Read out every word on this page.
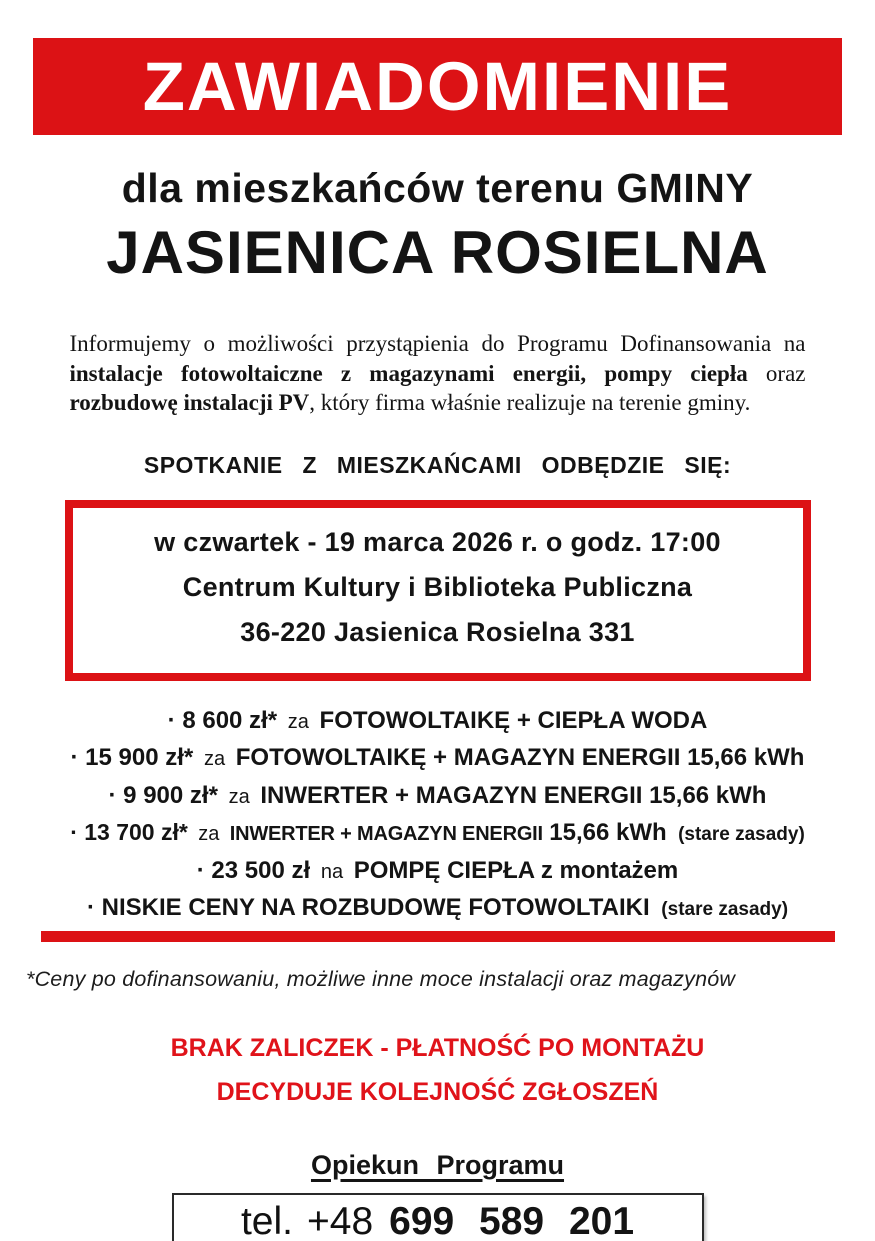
ZAWIADOMIENIE
dla mieszkańców terenu GMINY
JASIENICA ROSIELNA

Informujemy o możliwości przystąpienia do Programu Dofinansowania na instalacje fotowoltaiczne z magazynami energii, pompy ciepła oraz rozbudowę instalacji PV, który firma właśnie realizuje na terenie gminy.

SPOTKANIE Z MIESZKAŃCAMI ODBĘDZIE SIĘ:
w czwartek - 19 marca 2026 r. o godz. 17:00
Centrum Kultury i Biblioteka Publiczna
36-220 Jasienica Rosielna 331
· 8 600 zł* za FOTOWOLTAIKĘ + CIEPŁA WODA
· 15 900 zł* za FOTOWOLTAIKĘ + MAGAZYN ENERGII 15,66 kWh
· 9 900 zł* za INWERTER + MAGAZYN ENERGII 15,66 kWh
· 13 700 zł* za INWERTER + MAGAZYN ENERGII 15,66 kWh (stare zasady)
· 23 500 zł na POMPĘ CIEPŁA z montażem
· NISKIE CENY NA ROZBUDOWĘ FOTOWOLTAIKI (stare zasady)
*Ceny po dofinansowaniu, możliwe inne moce instalacji oraz magazynów
BRAK ZALICZEK - PŁATNOŚĆ PO MONTAŻU
DECYDUJE KOLEJNOŚĆ ZGŁOSZEŃ
Opiekun Programu
tel. +48 699 589 201
